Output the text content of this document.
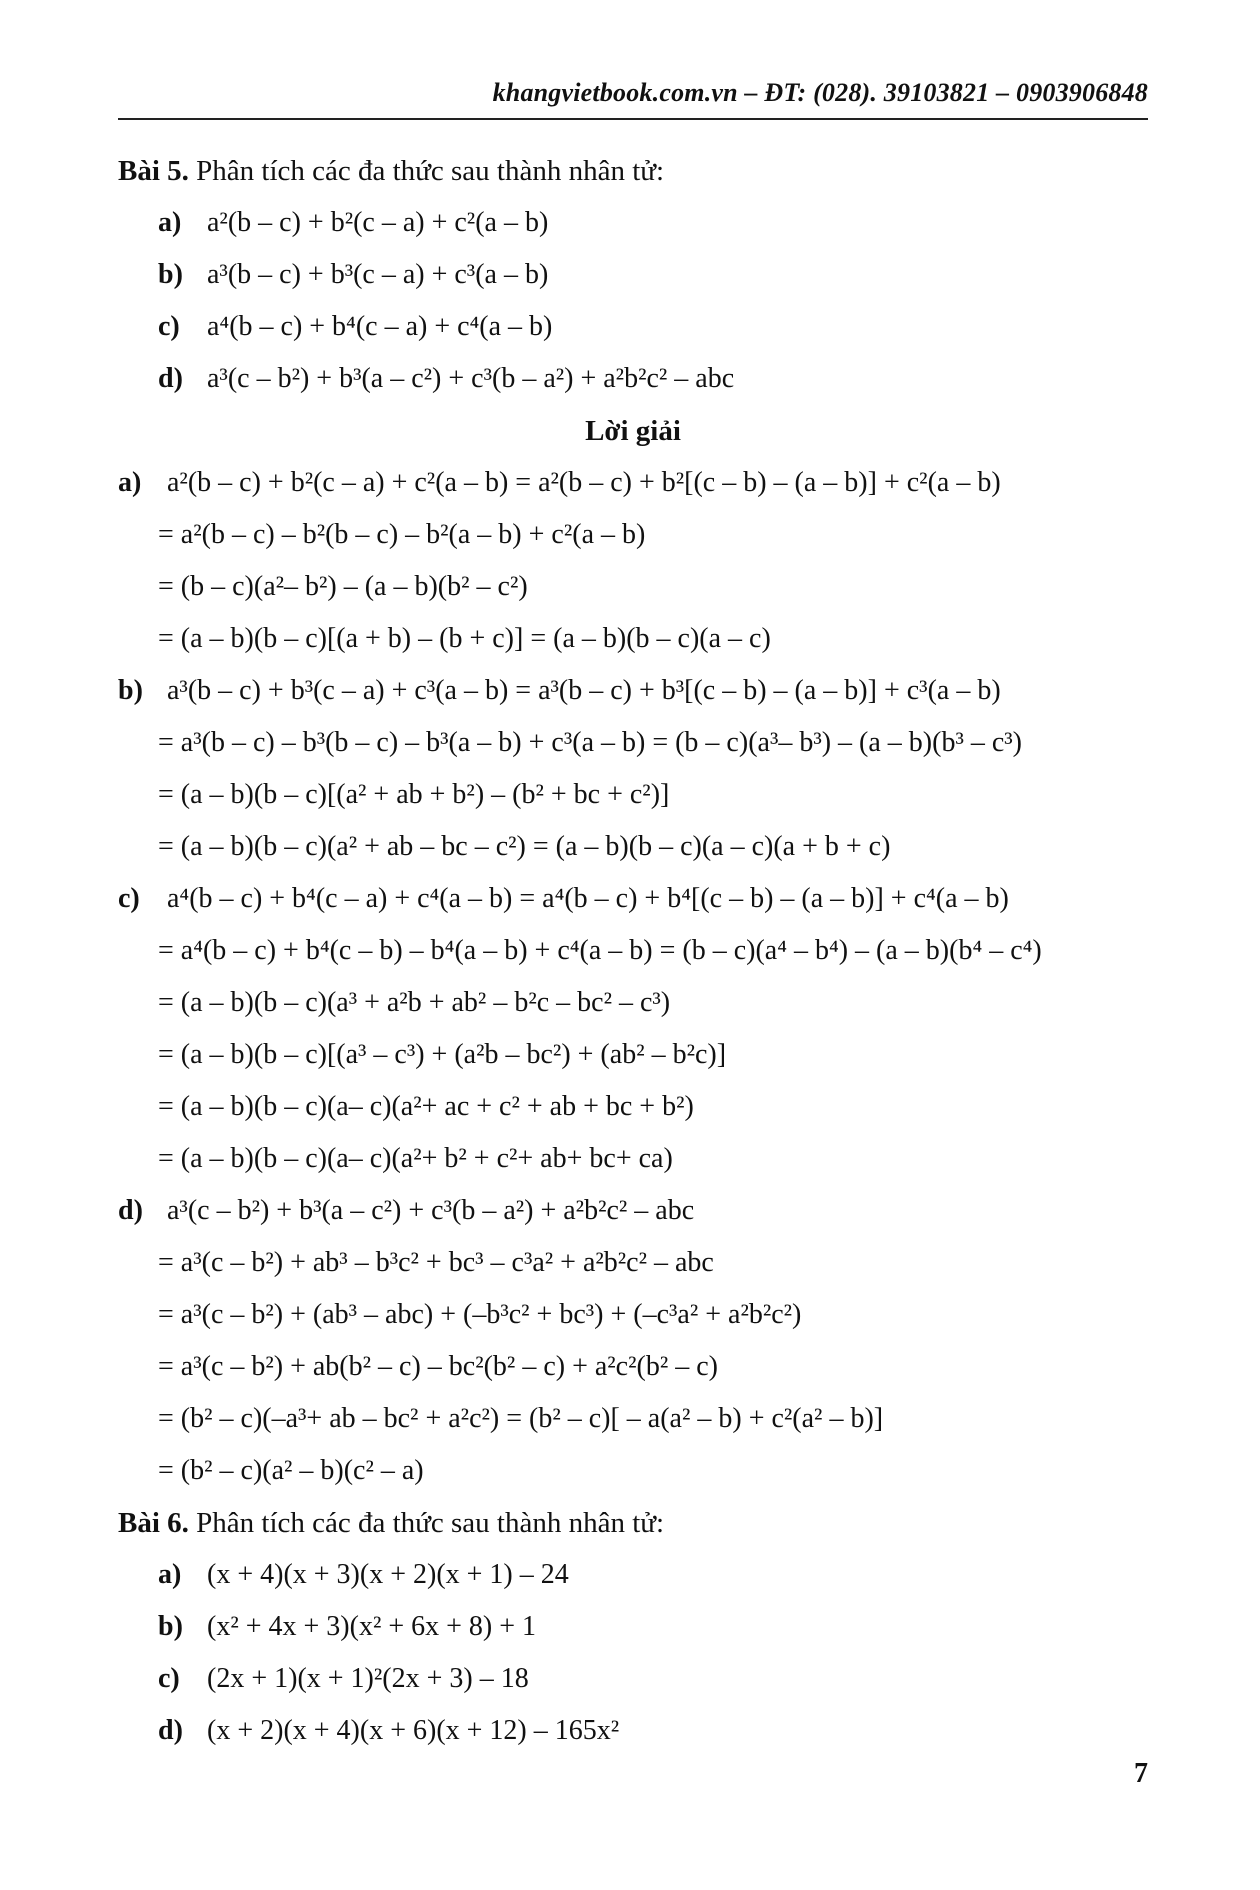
khangvietbook.com.vn – ĐT: (028). 39103821 – 0903906848
Bài 5. Phân tích các đa thức sau thành nhân tử:
a) a²(b – c) + b²(c – a) + c²(a – b)
b) a³(b – c) + b³(c – a) + c³(a – b)
c) a⁴(b – c) + b⁴(c – a) + c⁴(a – b)
d) a³(c – b²) + b³(a – c²) + c³(b – a²) + a²b²c² – abc
Lời giải
a) a²(b – c) + b²(c – a) + c²(a – b) = a²(b – c) + b²[(c – b) – (a – b)] + c²(a – b)
= a²(b – c) – b²(b – c) – b²(a – b) + c²(a – b)
= (b – c)(a²– b²) – (a – b)(b² – c²)
= (a – b)(b – c)[(a + b) – (b + c)] = (a – b)(b – c)(a – c)
b) a³(b – c) + b³(c – a) + c³(a – b) = a³(b – c) + b³[(c – b) – (a – b)] + c³(a – b)
= a³(b – c) – b³(b – c) – b³(a – b) + c³(a – b) = (b – c)(a³– b³) – (a – b)(b³ – c³)
= (a – b)(b – c)[(a² + ab + b²) – (b² + bc + c²)]
= (a – b)(b – c)(a² + ab – bc – c²) = (a – b)(b – c)(a – c)(a + b + c)
c) a⁴(b – c) + b⁴(c – a) + c⁴(a – b) = a⁴(b – c) + b⁴[(c – b) – (a – b)] + c⁴(a – b)
= a⁴(b – c) + b⁴(c – b) – b⁴(a – b) + c⁴(a – b) = (b – c)(a⁴ – b⁴) – (a – b)(b⁴ – c⁴)
= (a – b)(b – c)(a³ + a²b + ab² – b²c – bc² – c³)
= (a – b)(b – c)[(a³ – c³) + (a²b – bc²) + (ab² – b²c)]
= (a – b)(b – c)(a– c)(a²+ ac + c² + ab + bc + b²)
= (a – b)(b – c)(a– c)(a²+ b² + c²+ ab+ bc+ ca)
d) a³(c – b²) + b³(a – c²) + c³(b – a²) + a²b²c² – abc
= a³(c – b²) + ab³ – b³c² + bc³ – c³a² + a²b²c² – abc
= a³(c – b²) + (ab³ – abc) + (–b³c² + bc³) + (–c³a² + a²b²c²)
= a³(c – b²) + ab(b² – c) – bc²(b² – c) + a²c²(b² – c)
= (b² – c)(–a³+ ab – bc² + a²c²) = (b² – c)[ – a(a² – b) + c²(a² – b)]
= (b² – c)(a² – b)(c² – a)
Bài 6. Phân tích các đa thức sau thành nhân tử:
a) (x + 4)(x + 3)(x + 2)(x + 1) – 24
b) (x² + 4x + 3)(x² + 6x + 8) + 1
c) (2x + 1)(x + 1)²(2x + 3) – 18
d) (x + 2)(x + 4)(x + 6)(x + 12) – 165x²
7
